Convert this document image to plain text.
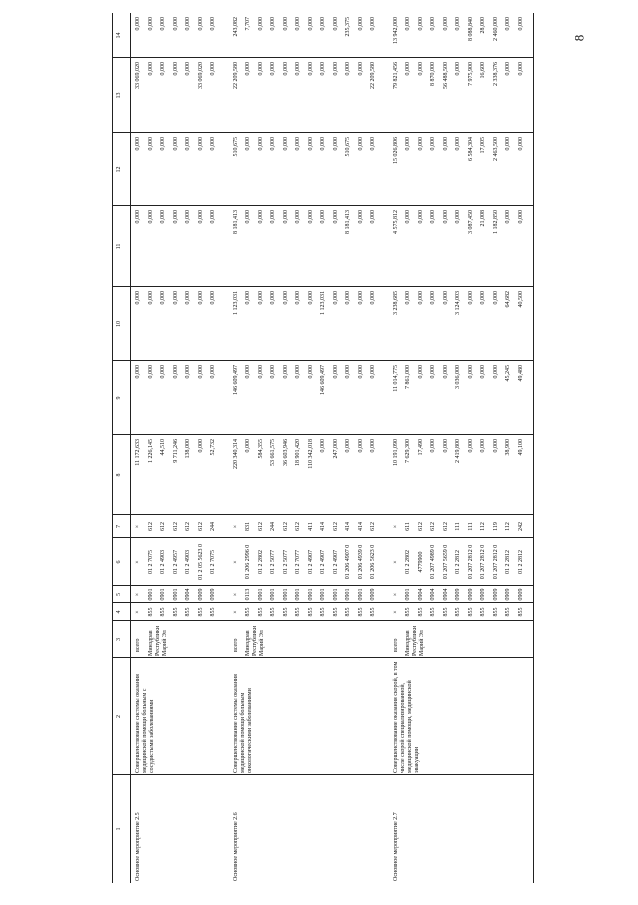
8
1
2
3
4
5
6
7
8
9
10
11
12
13
14
Основное мероприятие 2.5
Совершенствование системы оказания медицинской помощи больным с сосудистыми заболеваниями
всего Минздрав Республики Марий Эл
×
×
×
×
11 172,633
0,000
0,000
0,000
0,000
33 069,020
0,000
855
0901
01 2 7075
612
1 226,145
0,000
0,000
0,000
0,000
0,000
0,000
855
0901
01 2 4903
612
44,510
0,000
0,000
0,000
0,000
0,000
0,000
855
0901
01 2 4957
612
9 711,246
0,000
0,000
0,000
0,000
0,000
0,000
855
0904
01 2 4903
612
138,000
0,000
0,000
0,000
0,000
0,000
0,000
855
0909
01 2 05 5623 0
612
0,000
0,000
0,000
0,000
0,000
33 069,020
0,000
855
0909
01 2 7075
244
52,732
0,000
0,000
0,000
0,000
0,000
0,000
Основное мероприятие 2.6
Совершенствование системы оказания медицинской помощи больным онкологическими заболеваниями
всего Минздрав Республики Марий Эл
×
×
×
×
220 340,314
146 609,497
1 123,031
8 181,413
510,675
22 209,580
243,082
855
0113
01 206 2996 0
831
0,000
0,000
0,000
0,000
0,000
0,000
7,707
855
0901
01 2 2802
612
584,355
0,000
0,000
0,000
0,000
0,000
0,000
855
0901
01 2 5077
244
53 661,575
0,000
0,000
0,000
0,000
0,000
0,000
855
0901
01 2 5077
612
36 603,946
0,000
0,000
0,000
0,000
0,000
0,000
855
0901
01 2 7077
612
18 901,420
0,000
0,000
0,000
0,000
0,000
0,000
855
0901
01 2 4907
411
110 342,018
0,000
0,000
0,000
0,000
0,000
0,000
855
0901
01 2 4907
414
0,000
146 609,497
1 123,031
0,000
0,000
0,000
0,000
855
0901
01 2 4907
612
247,000
0,000
0,000
0,000
0,000
0,000
0,000
855
0901
01 206 4907 0
414
0,000
0,000
0,000
8 181,413
510,675
0,000
235,375
855
0901
01 206 4939 0
414
0,000
0,000
0,000
0,000
0,000
0,000
0,000
855
0909
01 206 5623 0
612
0,000
0,000
0,000
0,000
0,000
22 209,580
0,000
Основное мероприятие 2.7
Совершенствование оказания скорой, в том числе скорой специализированной, медицинской помощи, медицинской эвакуации
всего Минздрав Республики Марий Эл
×
×
×
×
10 191,090
11 014,775
3 238,685
4 575,812
15 026,806
79 821,456
13 942,000
855
0901
01 2 2802
611
7 629,300
7 861,000
0,000
0,000
0,000
0,000
0,000
855
0904
4779900
612
17,490
0,000
0,000
0,000
0,000
0,000
0,000
855
0904
01 207 4989 0
612
0,000
0,000
0,000
0,000
0,000
8 870,000
0,000
855
0904
01 207 5659 0
612
0,000
0,000
0,000
0,000
0,000
56 488,500
0,000
855
0909
01 2 2812
111
2 419,800
3 036,000
3 124,003
0,000
0,000
0,000
0,000
855
0909
01 207 2812 0
111
0,000
0,000
0,000
3 087,450
6 584,304
7 975,900
8 088,840
855
0909
01 207 2812 0
112
0,000
0,000
0,000
21,008
17,005
16,600
28,000
855
0909
01 207 2812 0
119
0,000
0,000
0,000
1 182,850
2 463,500
2 338,376
2 460,000
855
0909
01 2 2812
112
38,900
45,245
64,682
0,000
0,000
0,000
0,000
855
0909
01 2 2812
242
49,100
49,480
40,500
0,000
0,000
0,000
0,000
